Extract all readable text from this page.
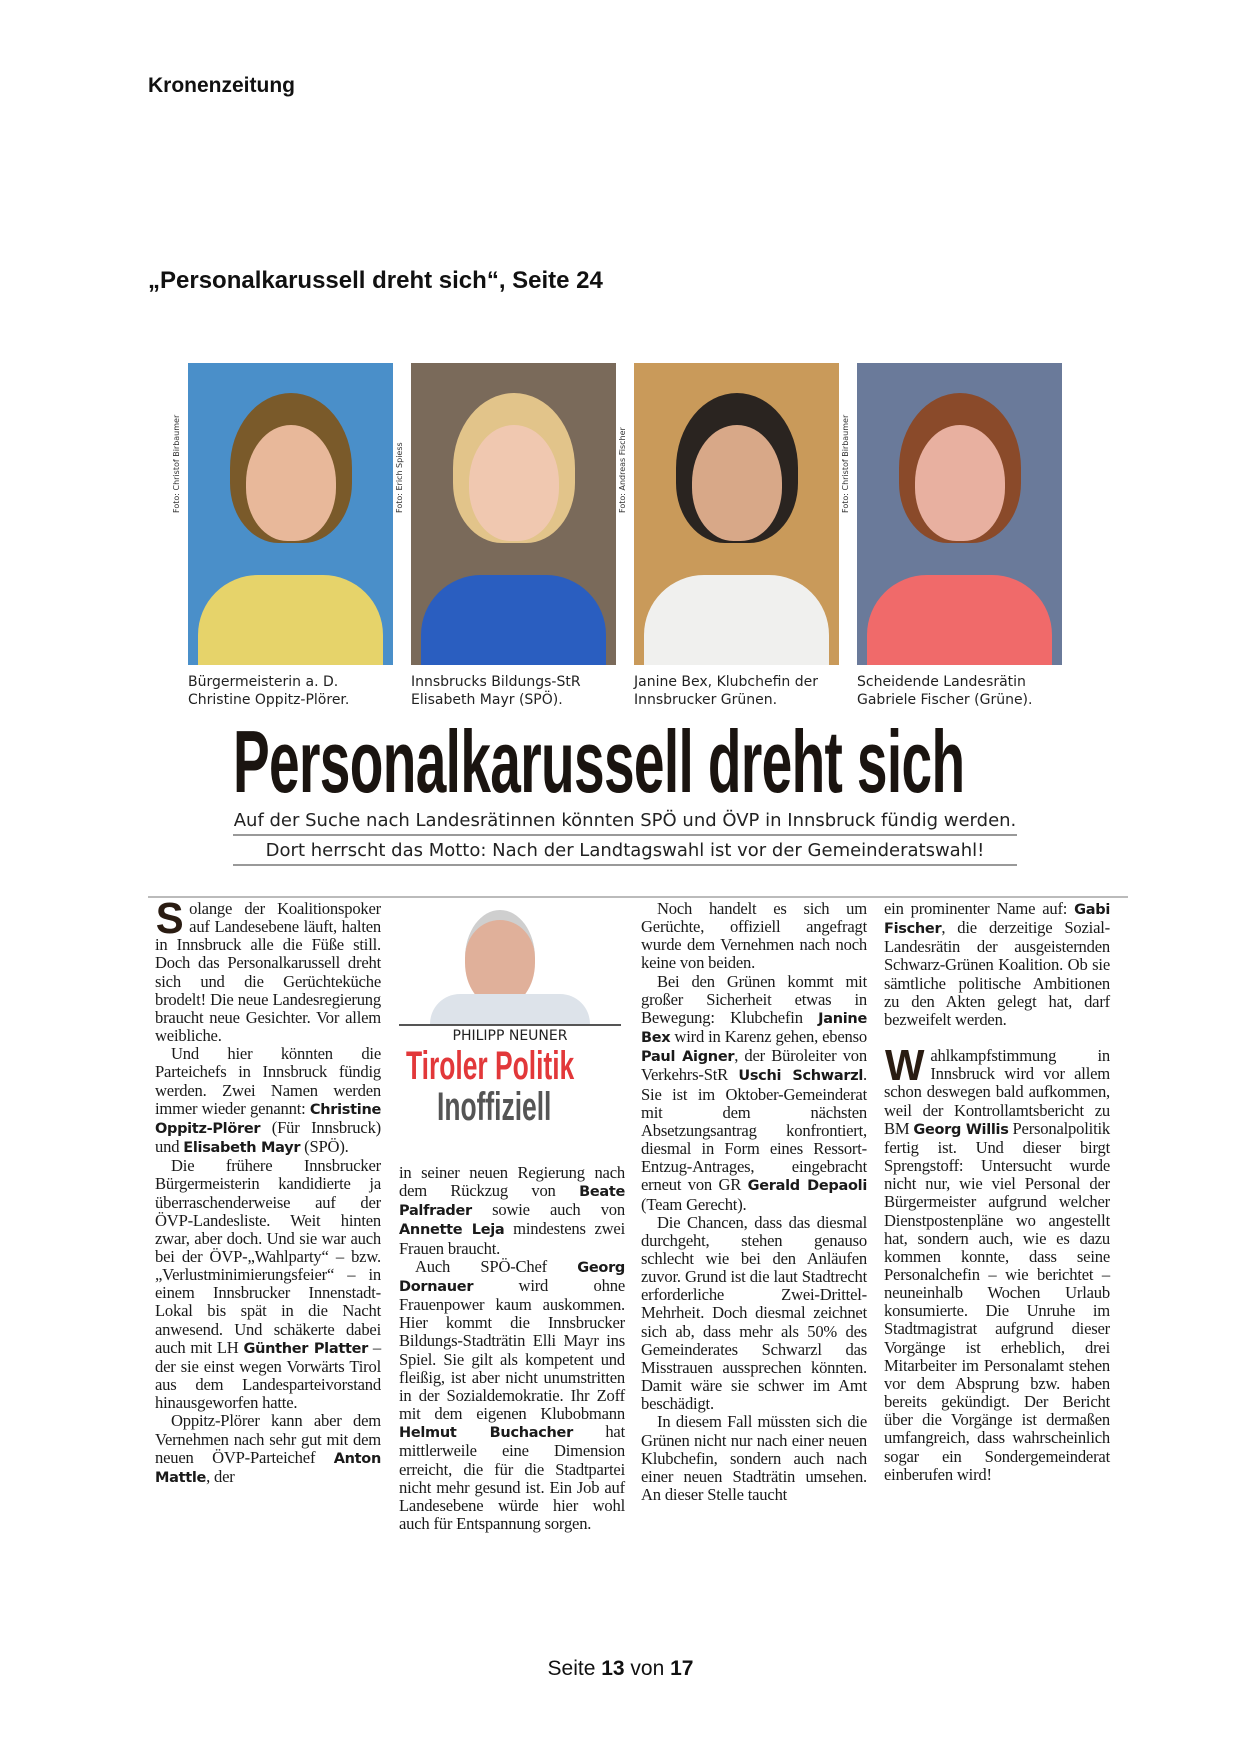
Kronenzeitung
„Personalkarussell dreht sich“, Seite 24
Foto: Christof Birbaumer
Bürgermeisterin a. D.
Christine Oppitz-Plörer.
Foto: Erich Spiess
Innsbrucks Bildungs-StR
Elisabeth Mayr (SPÖ).
Foto: Andreas Fischer
Janine Bex, Klubchefin der
Innsbrucker Grünen.
Foto: Christof Birbaumer
Scheidende Landesrätin
Gabriele Fischer (Grüne).
Personalkarussell dreht sich
Auf der Suche nach Landesrätinnen könnten SPÖ und ÖVP in Innsbruck fündig werden.
Dort herrscht das Motto: Nach der Landtagswahl ist vor der Gemeinderatswahl!
PHILIPP NEUNER
Tiroler Politik
Inoffiziell

Solange der Koalitionspoker auf Landesebene läuft, halten in Innsbruck alle die Füße still. Doch das Personalkarussell dreht sich und die Gerüchteküche brodelt! Die neue Landesregierung braucht neue Gesichter. Vor allem weibliche.

Und hier könnten die Parteichefs in Innsbruck fündig werden. Zwei Namen werden immer wieder genannt: Christine Oppitz-Plörer (Für Innsbruck) und Elisabeth Mayr (SPÖ).

Die frühere Innsbrucker Bürgermeisterin kandidierte ja überraschenderweise auf der ÖVP-Landesliste. Weit hinten zwar, aber doch. Und sie war auch bei der ÖVP-„Wahlparty“ – bzw. „Verlustminimierungsfeier“ – in einem Innsbrucker Innenstadt-Lokal bis spät in die Nacht anwesend. Und schäkerte dabei auch mit LH Günther Platter – der sie einst wegen Vorwärts Tirol aus dem Landesparteivorstand hinausgeworfen hatte.

Oppitz-Plörer kann aber dem Vernehmen nach sehr gut mit dem neuen ÖVP-Parteichef Anton Mattle, der

in seiner neuen Regierung nach dem Rückzug von Beate Palfrader sowie auch von Annette Leja mindestens zwei Frauen braucht.

Auch SPÖ-Chef Georg Dornauer wird ohne Frauenpower kaum auskommen. Hier kommt die Innsbrucker Bildungs-Stadträtin Elli Mayr ins Spiel. Sie gilt als kompetent und fleißig, ist aber nicht unumstritten in der Sozialdemokratie. Ihr Zoff mit dem eigenen Klubobmann Helmut Buchacher hat mittlerweile eine Dimension erreicht, die für die Stadtpartei nicht mehr gesund ist. Ein Job auf Landesebene würde hier wohl auch für Entspannung sorgen.

Noch handelt es sich um Gerüchte, offiziell angefragt wurde dem Vernehmen nach noch keine von beiden.

Bei den Grünen kommt mit großer Sicherheit etwas in Bewegung: Klubchefin Janine Bex wird in Karenz gehen, ebenso Paul Aigner, der Büroleiter von Verkehrs-StR Uschi Schwarzl. Sie ist im Oktober-Gemeinderat mit dem nächsten Absetzungsantrag konfrontiert, diesmal in Form eines Ressort-Entzug-Antrages, eingebracht erneut von GR Gerald Depaoli (Team Gerecht).

Die Chancen, dass das diesmal durchgeht, stehen genauso schlecht wie bei den Anläufen zuvor. Grund ist die laut Stadtrecht erforderliche Zwei-Drittel-Mehrheit. Doch diesmal zeichnet sich ab, dass mehr als 50% des Gemeinderates Schwarzl das Misstrauen aussprechen könnten. Damit wäre sie schwer im Amt beschädigt.

In diesem Fall müssten sich die Grünen nicht nur nach einer neuen Klubchefin, sondern auch nach einer neuen Stadträtin umsehen. An dieser Stelle taucht

ein prominenter Name auf: Gabi Fischer, die derzeitige Sozial-Landesrätin der ausgeisternden Schwarz-Grünen Koalition. Ob sie sämtliche politische Ambitionen zu den Akten gelegt hat, darf bezweifelt werden.

Wahlkampfstimmung in Innsbruck wird vor allem schon deswegen bald aufkommen, weil der Kontrollamtsbericht zu BM Georg Willis Personalpolitik fertig ist. Und dieser birgt Sprengstoff: Untersucht wurde nicht nur, wie viel Personal der Bürgermeister aufgrund welcher Dienstpostenpläne wo angestellt hat, sondern auch, wie es dazu kommen konnte, dass seine Personalchefin – wie berichtet – neuneinhalb Wochen Urlaub konsumierte. Die Unruhe im Stadtmagistrat aufgrund dieser Vorgänge ist erheblich, drei Mitarbeiter im Personalamt stehen vor dem Absprung bzw. haben bereits gekündigt. Der Bericht über die Vorgänge ist dermaßen umfangreich, dass wahrscheinlich sogar ein Sondergemeinderat einberufen wird!

Seite 13 von 17
